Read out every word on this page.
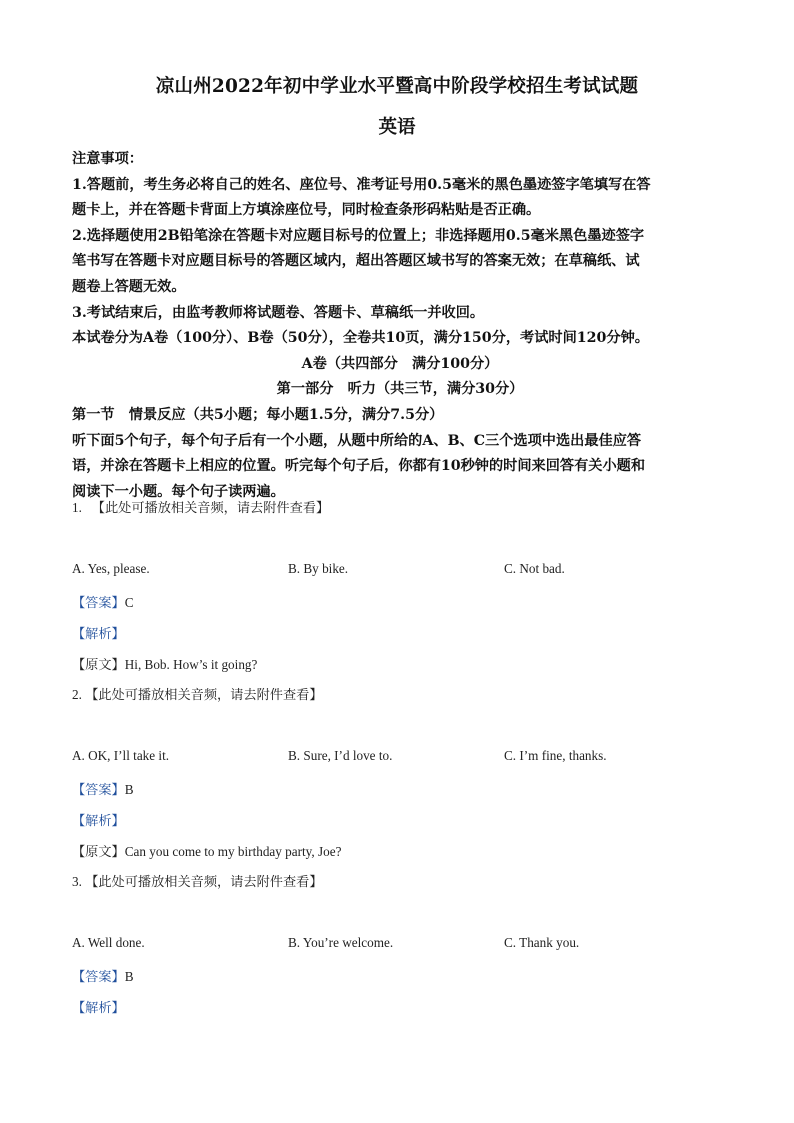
凉山州2022年初中学业水平暨高中阶段学校招生考试试题
英语

注意事项：

1.答题前，考生务必将自己的姓名、座位号、准考证号用0.5毫米的黑色墨迹签字笔填写在答

题卡上，并在答题卡背面上方填涂座位号，同时检查条形码粘贴是否正确。

2.选择题使用2B铅笔涂在答题卡对应题目标号的位置上；非选择题用0.5毫米黑色墨迹签字

笔书写在答题卡对应题目标号的答题区域内，超出答题区域书写的答案无效；在草稿纸、试

题卷上答题无效。

3.考试结束后，由监考教师将试题卷、答题卡、草稿纸一并收回。

本试卷分为A卷（100分）、B卷（50分），全卷共10页，满分150分，考试时间120分钟。

A卷（共四部分　满分100分）

第一部分　听力（共三节，满分30分）

第一节　情景反应（共5小题；每小题1.5分，满分7.5分）

听下面5个句子，每个句子后有一个小题，从题中所给的A、B、C三个选项中选出最佳应答

语，并涂在答题卡上相应的位置。听完每个句子后，你都有10秒钟的时间来回答有关小题和

阅读下一小题。每个句子读两遍。

1. 【此处可播放相关音频，请去附件查看】
A. Yes, please.	B. By bike.	C. Not bad.
【答案】C
【解析】
【原文】Hi, Bob. How’s it going?
2. 【此处可播放相关音频，请去附件查看】
A. OK, I’ll take it.	B. Sure, I’d love to.	C. I’m fine, thanks.
【答案】B
【解析】
【原文】Can you come to my birthday party, Joe?
3. 【此处可播放相关音频，请去附件查看】
A. Well done.	B. You’re welcome.	C. Thank you.
【答案】B
【解析】
